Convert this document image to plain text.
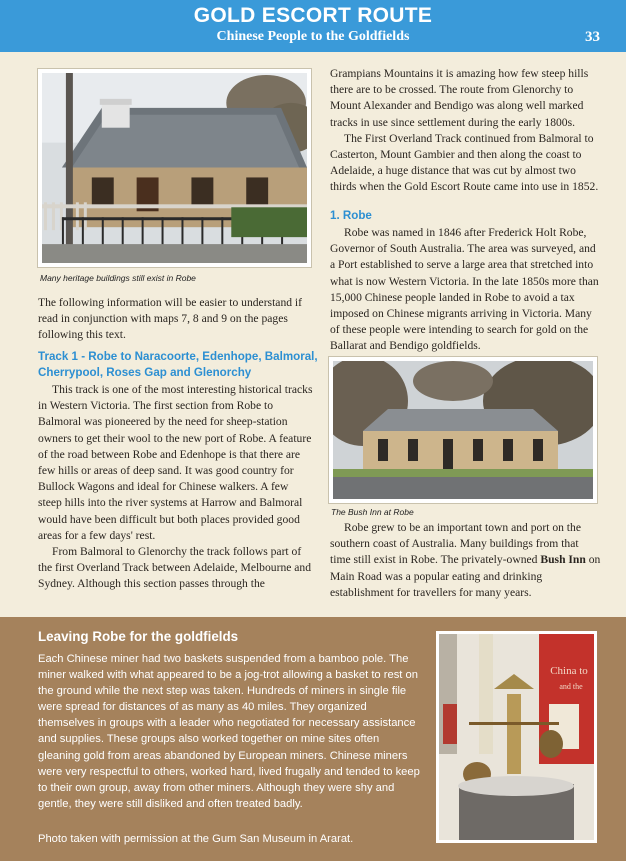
GOLD ESCORT ROUTE
Chinese People to the Goldfields	33
Many heritage buildings still exist in Robe

The following information will be easier to understand if read in conjunction with maps 7, 8 and 9 on the pages following this text.

Track 1 - Robe to Naracoorte, Edenhope, Balmoral, Cherrypool, Roses Gap and Glenorchy

This track is one of the most interesting historical tracks in Western Victoria. The first section from Robe to Balmoral was pioneered by the need for sheep-station owners to get their wool to the new port of Robe. A feature of the road between Robe and Edenhope is that there are few hills or areas of deep sand. It was good country for Bullock Wagons and ideal for Chinese walkers. A few steep hills into the river systems at Harrow and Balmoral would have been difficult but both places provided good areas for a few days' rest.

From Balmoral to Glenorchy the track follows part of the first Overland Track between Adelaide, Melbourne and Sydney. Although this section passes through the

Grampians Mountains it is amazing how few steep hills there are to be crossed. The route from Glenorchy to Mount Alexander and Bendigo was along well marked tracks in use since settlement during the early 1800s.

The First Overland Track continued from Balmoral to Casterton, Mount Gambier and then along the coast to Adelaide, a huge distance that was cut by almost two thirds when the Gold Escort Route came into use in 1852.

1. Robe

Robe was named in 1846 after Frederick Holt Robe, Governor of South Australia. The area was surveyed, and a Port established to serve a large area that stretched into what is now Western Victoria. In the late 1850s more than 15,000 Chinese people landed in Robe to avoid a tax imposed on Chinese migrants arriving in Victoria. Many of these people were intending to search for gold on the Ballarat and Bendigo goldfields.

The Bush Inn at Robe

Robe grew to be an important town and port on the southern coast of Australia. Many buildings from that time still exist in Robe. The privately-owned Bush Inn on Main Road was a popular eating and drinking establishment for travellers for many years.

Leaving Robe for the goldfields
Each Chinese miner had two baskets suspended from a bamboo pole. The miner walked with what appeared to be a jog-trot allowing a basket to rest on the ground while the next step was taken. Hundreds of miners in single file were spread for distances of as many as 40 miles. They organized themselves in groups with a leader who negotiated for necessary assistance and supplies. These groups also worked together on mine sites often gleaning gold from areas abandoned by European miners. Chinese miners were very respectful to others, worked hard, lived frugally and tended to keep to their own group, away from other miners. Although they were shy and gentle, they were still disliked and often treated badly.
Photo taken with permission at the Gum San Museum in Ararat.
China to
and the
